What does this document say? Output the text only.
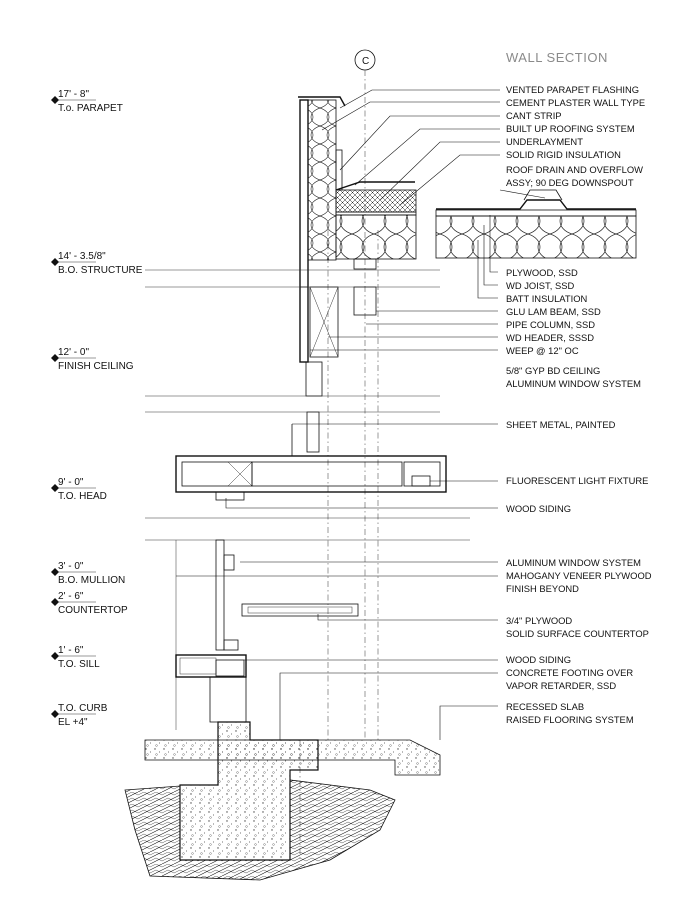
WALL SECTION
C
17' - 8"
T.o. PARAPET
14' - 3.5/8"
B.O. STRUCTURE
12' - 0"
FINISH CEILING
9' - 0"
T.O. HEAD
3' - 0"
B.O. MULLION
2' - 6"
COUNTERTOP
1' - 6"
T.O. SILL
T.O. CURB
EL +4"
VENTED PARAPET FLASHING
CEMENT PLASTER WALL TYPE
CANT STRIP
BUILT UP ROOFING SYSTEM
UNDERLAYMENT
SOLID RIGID INSULATION
ROOF DRAIN AND OVERFLOW
ASSY; 90 DEG DOWNSPOUT
PLYWOOD, SSD
WD JOIST, SSD
BATT INSULATION
GLU LAM BEAM, SSD
PIPE COLUMN, SSD
WD HEADER, SSSD
WEEP @ 12" OC
5/8" GYP BD CEILING
ALUMINUM WINDOW SYSTEM
SHEET METAL, PAINTED
FLUORESCENT LIGHT FIXTURE
WOOD SIDING
ALUMINUM WINDOW SYSTEM
MAHOGANY VENEER PLYWOOD
FINISH BEYOND
3/4" PLYWOOD
SOLID SURFACE COUNTERTOP
WOOD SIDING
CONCRETE FOOTING OVER
VAPOR RETARDER, SSD
RECESSED SLAB
RAISED FLOORING SYSTEM
